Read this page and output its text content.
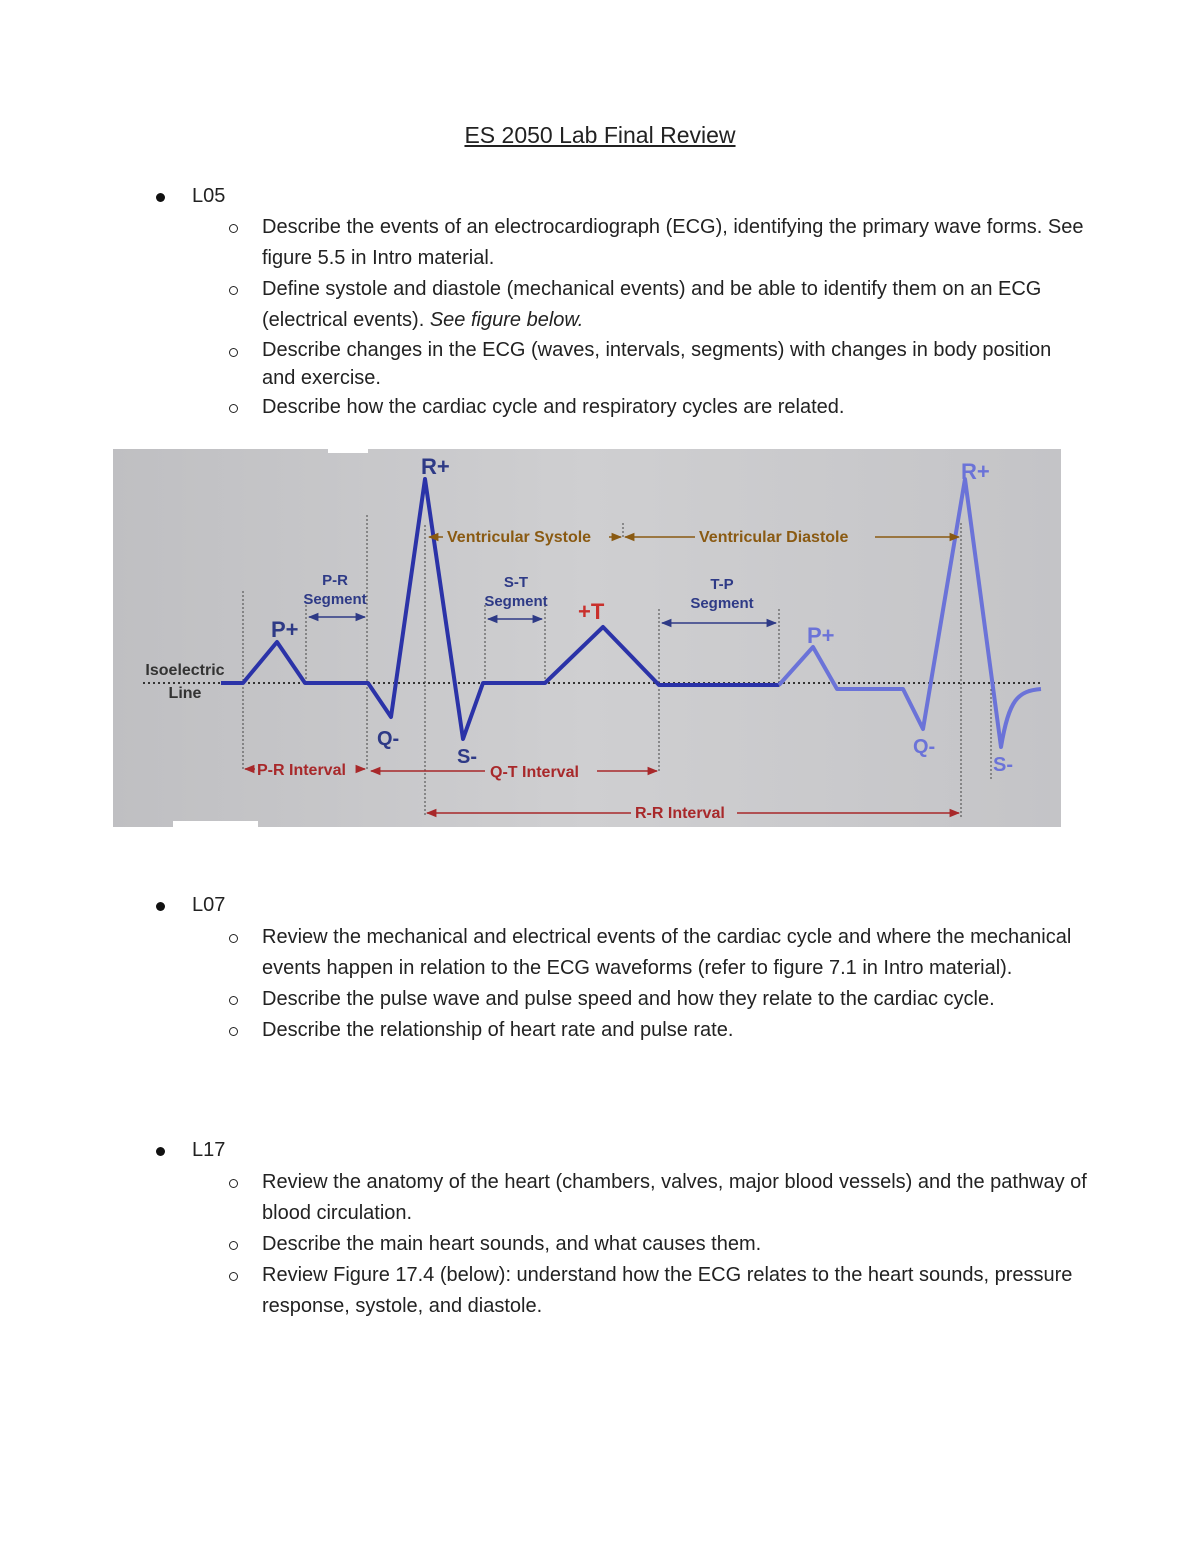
ES 2050 Lab Final Review
L05
Describe the events of an electrocardiograph (ECG), identifying the primary wave forms. See figure 5.5 in Intro material.
Define systole and diastole (mechanical events) and be able to identify them on an ECG (electrical events). See figure below.
Describe changes in the ECG (waves, intervals, segments) with changes in body position and exercise.
Describe how the cardiac cycle and respiratory cycles are related.
R+	R+
P+	P+
+T
Q-	Q-
S-	S-
Isoelectric
Line
P-R
Segment
S-T
Segment
T-P
Segment
Ventricular Systole	Ventricular Diastole
P-R Interval	Q-T Interval
R-R Interval
L07
Review the mechanical and electrical events of the cardiac cycle and where the mechanical events happen in relation to the ECG waveforms (refer to figure 7.1 in Intro material).
Describe the pulse wave and pulse speed and how they relate to the cardiac cycle.
Describe the relationship of heart rate and pulse rate.
L17
Review the anatomy of the heart (chambers, valves, major blood vessels) and the pathway of blood circulation.
Describe the main heart sounds, and what causes them.
Review Figure 17.4 (below): understand how the ECG relates to the heart sounds, pressure response, systole, and diastole.
